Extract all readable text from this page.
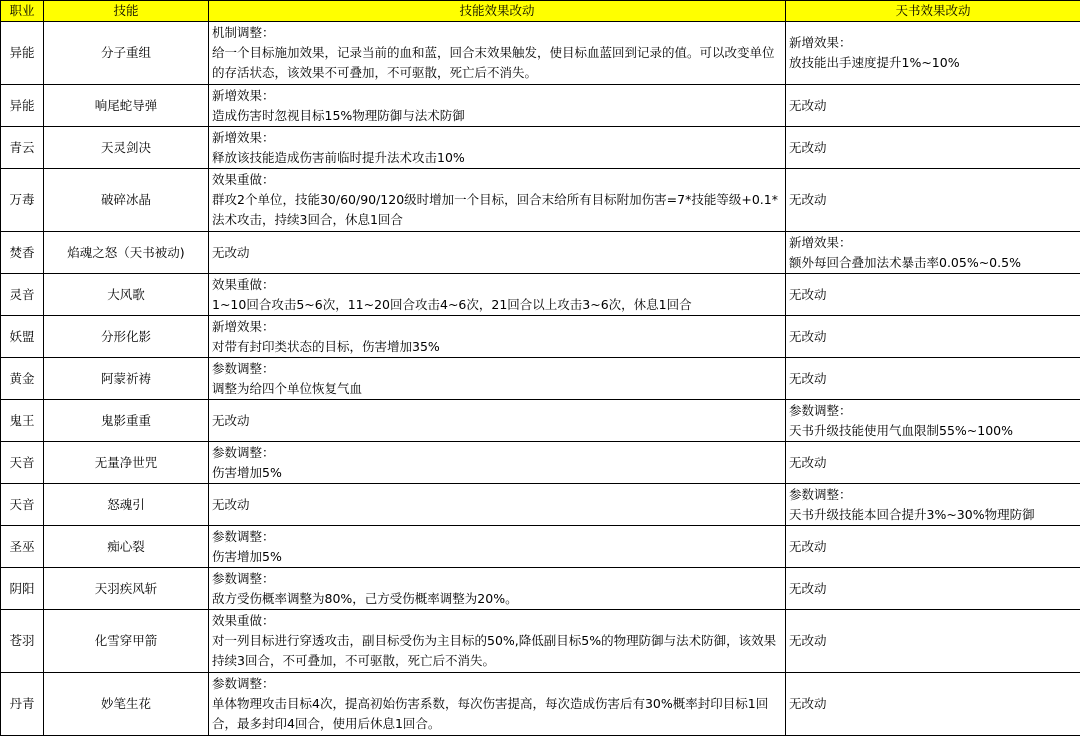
职业	技能	技能效果改动	天书效果改动
异能	分子重组	机制调整：
给一个目标施加效果，记录当前的血和蓝，回合末效果触发，使目标血蓝回到记录的值。可以改变单位的存活状态，该效果不可叠加，不可驱散，死亡后不消失。	新增效果：
放技能出手速度提升1%~10%

异能	响尾蛇导弹	新增效果：
造成伤害时忽视目标15%物理防御与法术防御	无改动

青云	天灵剑决	新增效果：
释放该技能造成伤害前临时提升法术攻击10%	无改动

万毒	破碎冰晶	效果重做：
群攻2个单位，技能30/60/90/120级时增加一个目标，回合末给所有目标附加伤害=7*技能等级+0.1*法术攻击，持续3回合，休息1回合	无改动

焚香	焰魂之怒（天书被动)	无改动	新增效果：
额外每回合叠加法术暴击率0.05%~0.5%

灵音	大风歌	效果重做：
1~10回合攻击5~6次，11~20回合攻击4~6次，21回合以上攻击3~6次，休息1回合	无改动

妖盟	分形化影	新增效果：
对带有封印类状态的目标，伤害增加35%	无改动

黄金	阿蒙祈祷	参数调整：
调整为给四个单位恢复气血	无改动

鬼王	鬼影重重	无改动	参数调整：
天书升级技能使用气血限制55%~100%

天音	无量净世咒	参数调整：
伤害增加5%	无改动

天音	怒魂引	无改动	参数调整：
天书升级技能本回合提升3%~30%物理防御

圣巫	痴心裂	参数调整：
伤害增加5%	无改动

阴阳	天羽疾风斩	参数调整：
敌方受伤概率调整为80%，己方受伤概率调整为20%。	无改动

苍羽	化雪穿甲箭	效果重做：
对一列目标进行穿透攻击，副目标受伤为主目标的50%,降低副目标5%的物理防御与法术防御，该效果持续3回合，不可叠加，不可驱散，死亡后不消失。	无改动

丹青	妙笔生花	参数调整：
单体物理攻击目标4次，提高初始伤害系数，每次伤害提高，每次造成伤害后有30%概率封印目标1回合，最多封印4回合，使用后休息1回合。	无改动
